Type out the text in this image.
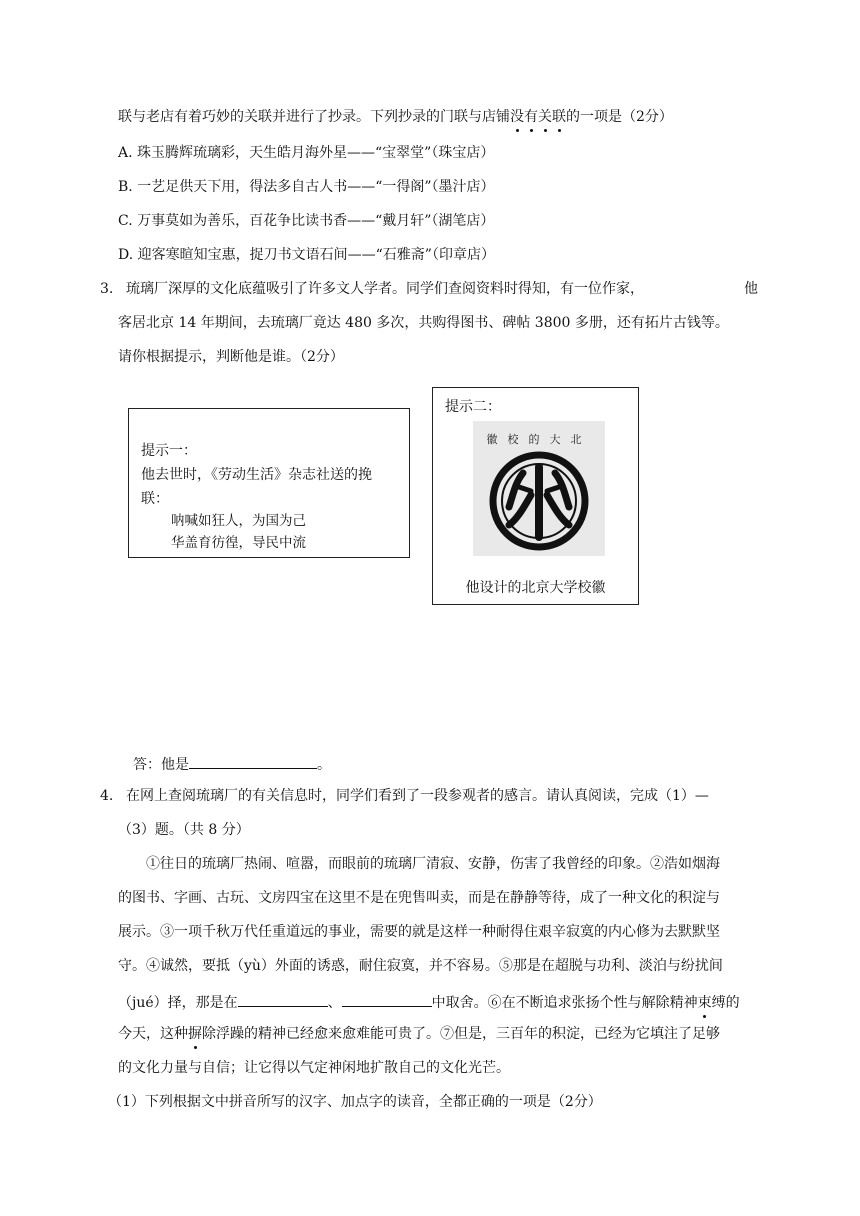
联与老店有着巧妙的关联并进行了抄录。下列抄录的门联与店铺没有关联的一项是（2分）
A. 珠玉腾辉琉璃彩，天生皓月海外星——“宝翠堂”（珠宝店）
B. 一艺足供天下用，得法多自古人书——“一得阁”（墨汁店）
C. 万事莫如为善乐，百花争比读书香——“戴月轩”（湖笔店）
D. 迎客寒暄知宝惠，捉刀书文语石间——“石雅斋”（印章店）
3. 琉璃厂深厚的文化底蕴吸引了许多文人学者。同学们查阅资料时得知，有一位作家，	他
客居北京 14 年期间，去琉璃厂竟达 480 多次，共购得图书、碑帖 3800 多册，还有拓片古钱等。
请你根据提示，判断他是谁。（2分）
提示一：
他去世时，《劳动生活》杂志社送的挽
联：
呐喊如狂人，为国为己
华盖育彷徨，导民中流
提示二：
徽校的大北
他设计的北京大学校徽
答：他是	。
4. 在网上查阅琉璃厂的有关信息时，同学们看到了一段参观者的感言。请认真阅读，完成（1）—
（3）题。（共 8 分）
①往日的琉璃厂热闹、喧嚣，而眼前的琉璃厂清寂、安静，伤害了我曾经的印象。②浩如烟海
的图书、字画、古玩、文房四宝在这里不是在兜售叫卖，而是在静静等待，成了一种文化的积淀与
展示。③一项千秋万代任重道远的事业，需要的就是这样一种耐得住艰辛寂寞的内心修为去默默坚
守。④诚然，要抵（yù）外面的诱惑，耐住寂寞，并不容易。⑤那是在超脱与功利、淡泊与纷扰间
（jué）择，那是在	、	中取舍。⑥在不断追求张扬个性与解除精神束缚的
今天，这种摒除浮躁的精神已经愈来愈难能可贵了。⑦但是，三百年的积淀，已经为它填注了足够
的文化力量与自信；让它得以气定神闲地扩散自己的文化光芒。
（1）下列根据文中拼音所写的汉字、加点字的读音，全都正确的一项是（2分）
